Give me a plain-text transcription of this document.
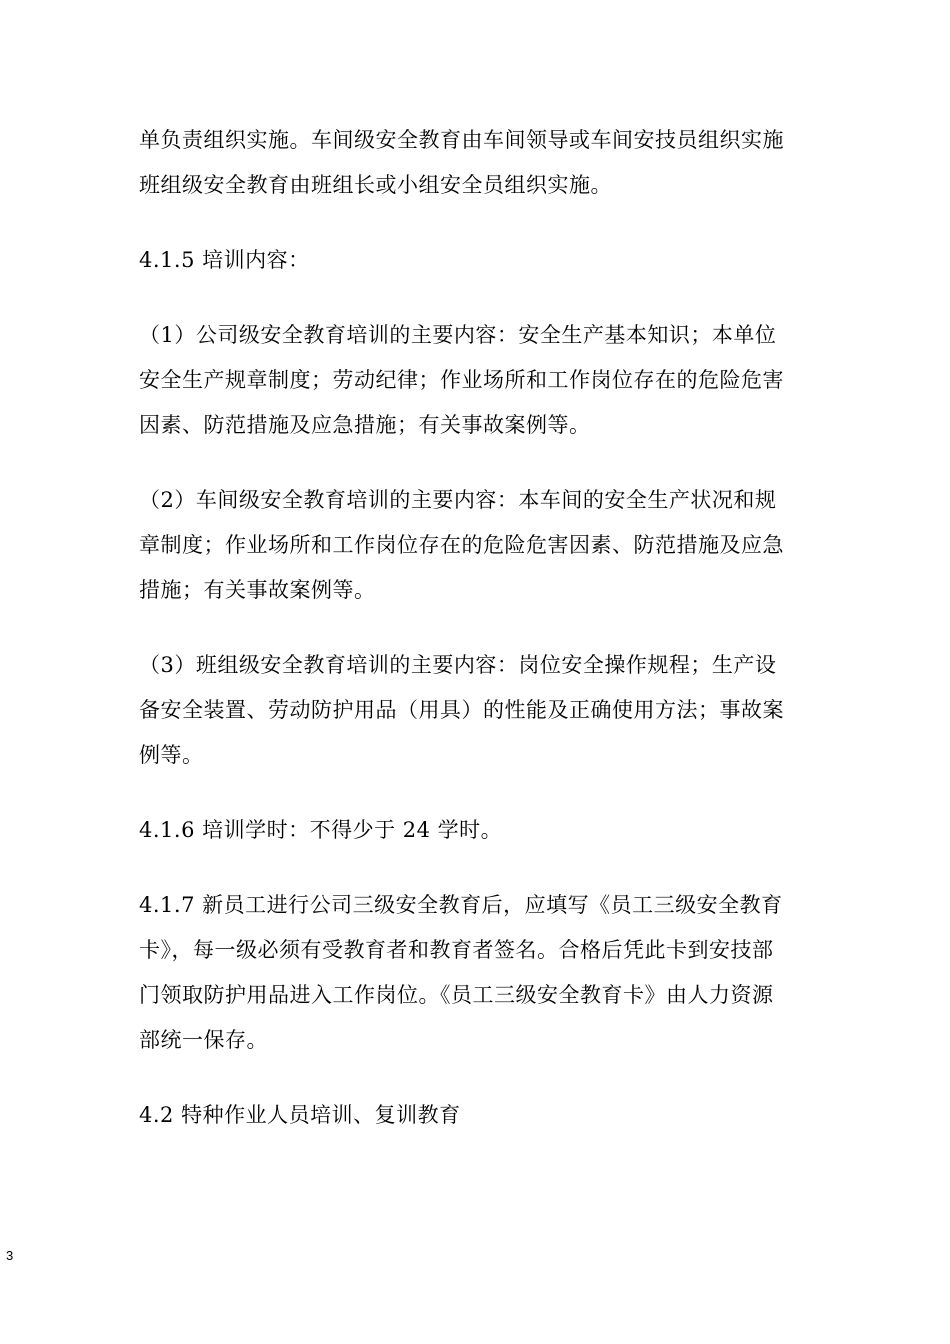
单负责组织实施。车间级安全教育由车间领导或车间安技员组织实施
班组级安全教育由班组长或小组安全员组织实施。

4.1.5 培训内容：

（1）公司级安全教育培训的主要内容：安全生产基本知识；本单位
安全生产规章制度；劳动纪律；作业场所和工作岗位存在的危险危害
因素、防范措施及应急措施；有关事故案例等。

（2）车间级安全教育培训的主要内容：本车间的安全生产状况和规
章制度；作业场所和工作岗位存在的危险危害因素、防范措施及应急
措施；有关事故案例等。

（3）班组级安全教育培训的主要内容：岗位安全操作规程；生产设
备安全装置、劳动防护用品（用具）的性能及正确使用方法；事故案
例等。

4.1.6 培训学时：不得少于 24 学时。

4.1.7 新员工进行公司三级安全教育后，应填写《员工三级安全教育
卡》，每一级必须有受教育者和教育者签名。合格后凭此卡到安技部
门领取防护用品进入工作岗位。《员工三级安全教育卡》由人力资源
部统一保存。

4.2 特种作业人员培训、复训教育

3
